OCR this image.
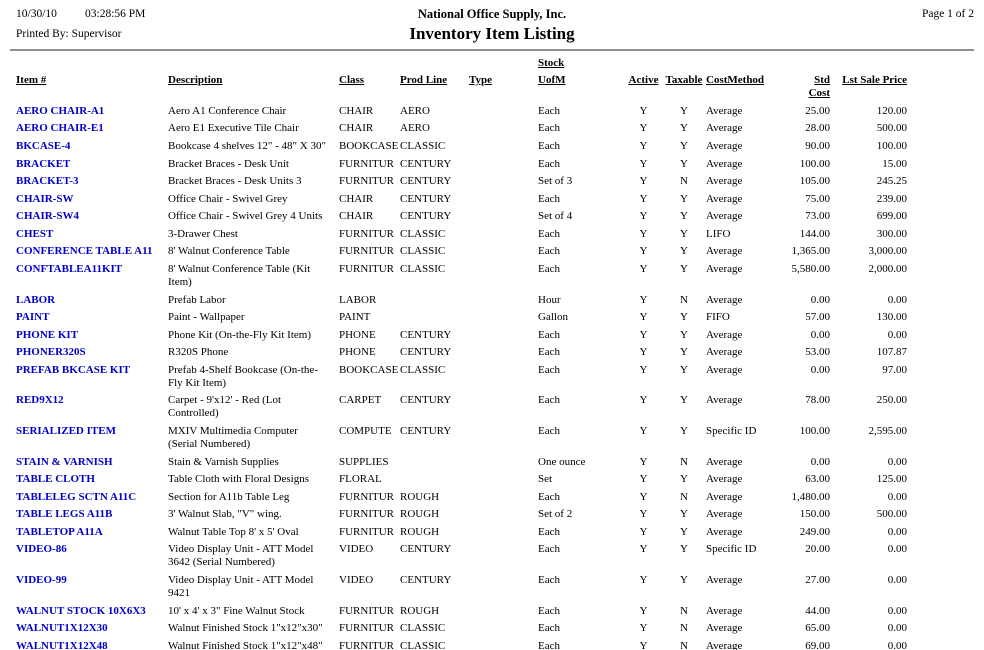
10/30/10 03:28:56 PM
Printed By: Supervisor
National Office Supply, Inc.
Inventory Item Listing
Page 1 of 2
					Stock					
Item #	Description	Class	Prod Line	Type	UofM	Active	Taxable	CostMethod	Std Cost	Lst Sale Price
AERO CHAIR-A1	Aero A1 Conference Chair	CHAIR	AERO		Each	Y	Y	Average	25.00	120.00
AERO CHAIR-E1	Aero E1 Executive Tile Chair	CHAIR	AERO		Each	Y	Y	Average	28.00	500.00
BKCASE-4	Bookcase 4 shelves 12" - 48" X 30"	BOOKCASE	CLASSIC		Each	Y	Y	Average	90.00	100.00
BRACKET	Bracket Braces - Desk Unit	FURNITUR	CENTURY		Each	Y	Y	Average	100.00	15.00
BRACKET-3	Bracket Braces - Desk Units 3	FURNITUR	CENTURY		Set of 3	Y	N	Average	105.00	245.25
CHAIR-SW	Office Chair - Swivel Grey	CHAIR	CENTURY		Each	Y	Y	Average	75.00	239.00
CHAIR-SW4	Office Chair - Swivel Grey 4 Units	CHAIR	CENTURY		Set of 4	Y	Y	Average	73.00	699.00
CHEST	3-Drawer Chest	FURNITUR	CLASSIC		Each	Y	Y	LIFO	144.00	300.00
CONFERENCE TABLE A11	8' Walnut Conference Table	FURNITUR	CLASSIC		Each	Y	Y	Average	1,365.00	3,000.00
CONFTABLEA11KIT	8' Walnut Conference Table (Kit Item)	FURNITUR	CLASSIC		Each	Y	Y	Average	5,580.00	2,000.00
LABOR	Prefab Labor	LABOR			Hour	Y	N	Average	0.00	0.00
PAINT	Paint - Wallpaper	PAINT			Gallon	Y	Y	FIFO	57.00	130.00
PHONE KIT	Phone Kit (On-the-Fly Kit Item)	PHONE	CENTURY		Each	Y	Y	Average	0.00	0.00
PHONER320S	R320S Phone	PHONE	CENTURY		Each	Y	Y	Average	53.00	107.87
PREFAB BKCASE KIT	Prefab 4-Shelf Bookcase (On-the-Fly Kit Item)	BOOKCASE	CLASSIC		Each	Y	Y	Average	0.00	97.00
RED9X12	Carpet - 9'x12' - Red (Lot Controlled)	CARPET	CENTURY		Each	Y	Y	Average	78.00	250.00
SERIALIZED ITEM	MXIV Multimedia Computer (Serial Numbered)	COMPUTE	CENTURY		Each	Y	Y	Specific ID	100.00	2,595.00
STAIN & VARNISH	Stain & Varnish Supplies	SUPPLIES			One ounce	Y	N	Average	0.00	0.00
TABLE CLOTH	Table Cloth with Floral Designs	FLORAL			Set	Y	Y	Average	63.00	125.00
TABLELEG SCTN A11C	Section for A11b Table Leg	FURNITUR	ROUGH		Each	Y	N	Average	1,480.00	0.00
TABLE LEGS A11B	3' Walnut Slab, "V" wing.	FURNITUR	ROUGH		Set of 2	Y	Y	Average	150.00	500.00
TABLETOP A11A	Walnut Table Top 8' x 5' Oval	FURNITUR	ROUGH		Each	Y	Y	Average	249.00	0.00
VIDEO-86	Video Display Unit - ATT Model 3642 (Serial Numbered)	VIDEO	CENTURY		Each	Y	Y	Specific ID	20.00	0.00
VIDEO-99	Video Display Unit - ATT Model 9421	VIDEO	CENTURY		Each	Y	Y	Average	27.00	0.00
WALNUT STOCK 10X6X3	10' x 4' x 3" Fine Walnut Stock	FURNITUR	ROUGH		Each	Y	N	Average	44.00	0.00
WALNUT1X12X30	Walnut Finished Stock 1"x12"x30"	FURNITUR	CLASSIC		Each	Y	N	Average	65.00	0.00
WALNUT1X12X48	Walnut Finished Stock 1"x12"x48"	FURNITUR	CLASSIC		Each	Y	N	Average	69.00	0.00
